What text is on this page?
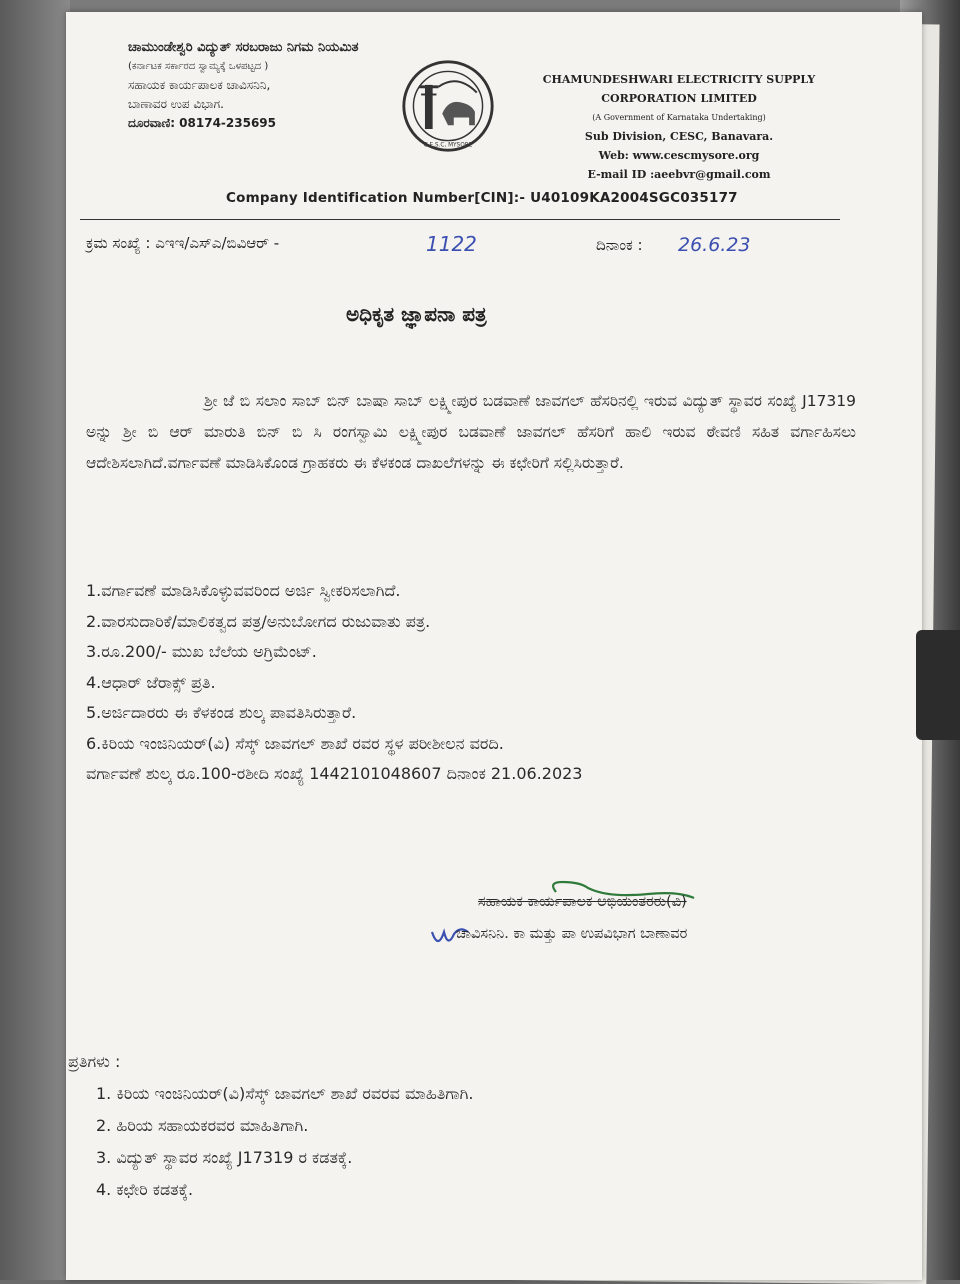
ಚಾಮುಂಡೇಶ್ವರಿ ವಿದ್ಯುತ್ ಸರಬರಾಜು ನಿಗಮ ನಿಯಮಿತ
(ಕರ್ನಾಟಕ ಸರ್ಕಾರದ ಸ್ವಾಮ್ಯಕ್ಕೆ ಒಳಪಟ್ಟದ )
ಸಹಾಯಕ ಕಾರ್ಯಪಾಲಕ ಚಾವಿಸನಿನಿ,
ಬಾಣಾವರ ಉಪ ವಿಭಾಗ.
ದೂರವಾಣಿ: 08174-235695
C.E.S.C, MYSORE
CHAMUNDESHWARI ELECTRICITY SUPPLY
CORPORATION LIMITED
(A Government of Karnataka Undertaking)
Sub Division, CESC, Banavara.
Web: www.cescmysore.org
E-mail ID :aeebvr@gmail.com
Company Identification Number[CIN]:- U40109KA2004SGC035177
ಕ್ರಮ ಸಂಖ್ಯೆ : ಎಇಇ/ಎಸ್ಎ/ಬಿವಿಆರ್ -	1122	ದಿನಾಂಕ : 26.6.23
ಅಧಿಕೃತ ಜ್ಞಾಪನಾ ಪತ್ರ
ಶ್ರೀ ಜೆ ಬಿ ಸಲಾಂ ಸಾಬ್ ಬಿನ್ ಬಾಷಾ ಸಾಬ್ ಲಕ್ಷ್ಮೀಪುರ ಬಡವಾಣೆ ಜಾವಗಲ್ ಹೆಸರಿನಲ್ಲಿ ಇರುವ ವಿದ್ಯುತ್ ಸ್ಥಾವರ ಸಂಖ್ಯೆ J17319 ಅನ್ನು ಶ್ರೀ ಬಿ ಆರ್ ಮಾರುತಿ ಬಿನ್ ಬಿ ಸಿ ರಂಗಸ್ವಾಮಿ ಲಕ್ಷ್ಮೀಪುರ ಬಡವಾಣೆ ಜಾವಗಲ್ ಹೆಸರಿಗೆ ಹಾಲಿ ಇರುವ ಠೇವಣಿ ಸಹಿತ ವರ್ಗಾಹಿಸಲು ಆದೇಶಿಸಲಾಗಿದೆ.ವರ್ಗಾವಣೆ ಮಾಡಿಸಿಕೊಂಡ ಗ್ರಾಹಕರು ಈ ಕೆಳಕಂಡ ದಾಖಲೆಗಳನ್ನು ಈ ಕಛೇರಿಗೆ ಸಲ್ಲಿಸಿರುತ್ತಾರೆ.
1.ವರ್ಗಾವಣೆ ಮಾಡಿಸಿಕೊಳ್ಳುವವರಿಂದ ಅರ್ಜಿ ಸ್ವೀಕರಿಸಲಾಗಿದೆ.
2.ವಾರಸುದಾರಿಕೆ/ಮಾಲಿಕತ್ವದ ಪತ್ರ/ಅನುಬೋಗದ ರುಜುವಾತು ಪತ್ರ.
3.ರೂ.200/- ಮುಖ ಬೆಲೆಯ ಅಗ್ರಿಮೆಂಟ್.
4.ಆಧಾರ್ ಜೆರಾಕ್ಸ್ ಪ್ರತಿ.
5.ಅರ್ಜಿದಾರರು ಈ ಕೆಳಕಂಡ ಶುಲ್ಕ ಪಾವತಿಸಿರುತ್ತಾರೆ.
6.ಕಿರಿಯ ಇಂಜಿನಿಯರ್(ವಿ) ಸೆಸ್ಕ್ ಜಾವಗಲ್ ಶಾಖೆ ರವರ ಸ್ಥಳ ಪರೀಶೀಲನ ವರದಿ.
ವರ್ಗಾವಣೆ ಶುಲ್ಕ ರೂ.100-ರಶೀದಿ ಸಂಖ್ಯೆ 1442101048607 ದಿನಾಂಕ 21.06.2023
ಸಹಾಯಕ ಕಾರ್ಯಪಾಲಕ ಅಭಿಯಂತರರು(ವಿ)
ಚಾವಿಸನಿನಿ. ಕಾ ಮತ್ತು ಪಾ ಉಪವಿಭಾಗ ಬಾಣಾವರ
ಪ್ರತಿಗಳು :
1. ಕಿರಿಯ ಇಂಜಿನಿಯರ್(ವಿ)ಸೆಸ್ಕ್ ಜಾವಗಲ್ ಶಾಖೆ ರವರವ ಮಾಹಿತಿಗಾಗಿ.
2. ಹಿರಿಯ ಸಹಾಯಕರವರ ಮಾಹಿತಿಗಾಗಿ.
3. ವಿದ್ಯುತ್ ಸ್ಥಾವರ ಸಂಖ್ಯೆ J17319 ರ ಕಡತಕ್ಕೆ.
4. ಕಛೇರಿ ಕಡತಕ್ಕೆ.
